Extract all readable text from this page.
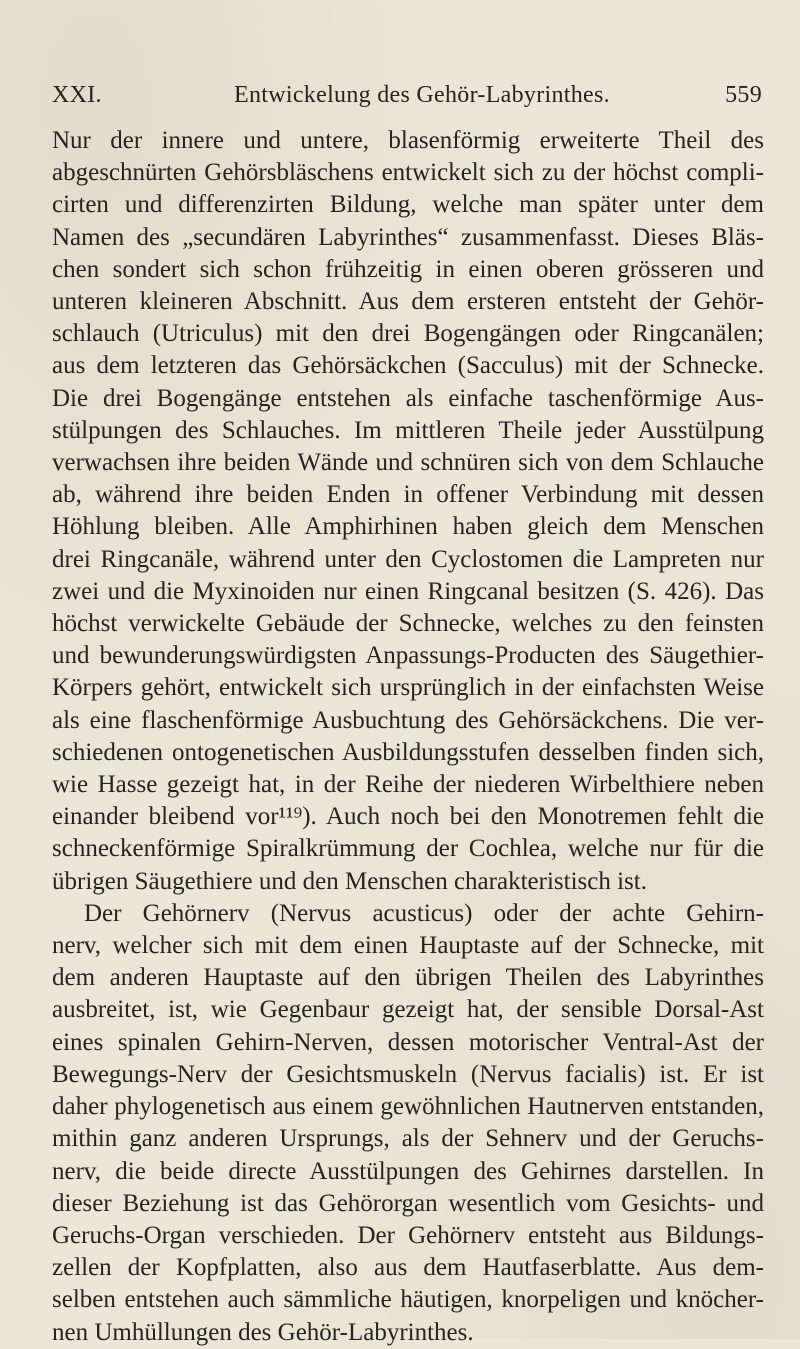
XXI.	Entwickelung des Gehör-Labyrinthes.	559

Nur der innere und untere, blasenförmig erweiterte Theil des
abgeschnürten Gehörsbläschens entwickelt sich zu der höchst compli-
cirten und differenzirten Bildung, welche man später unter dem
Namen des „secundären Labyrinthes“ zusammenfasst. Dieses Bläs-
chen sondert sich schon frühzeitig in einen oberen grösseren und
unteren kleineren Abschnitt. Aus dem ersteren entsteht der Gehör-
schlauch (Utriculus) mit den drei Bogengängen oder Ringcanälen;
aus dem letzteren das Gehörsäckchen (Sacculus) mit der Schnecke.
Die drei Bogengänge entstehen als einfache taschenförmige Aus-
stülpungen des Schlauches. Im mittleren Theile jeder Ausstülpung
verwachsen ihre beiden Wände und schnüren sich von dem Schlauche
ab, während ihre beiden Enden in offener Verbindung mit dessen
Höhlung bleiben. Alle Amphirhinen haben gleich dem Menschen
drei Ringcanäle, während unter den Cyclostomen die Lampreten nur
zwei und die Myxinoiden nur einen Ringcanal besitzen (S. 426). Das
höchst verwickelte Gebäude der Schnecke, welches zu den feinsten
und bewunderungswürdigsten Anpassungs-Producten des Säugethier-
Körpers gehört, entwickelt sich ursprünglich in der einfachsten Weise
als eine flaschenförmige Ausbuchtung des Gehörsäckchens. Die ver-
schiedenen ontogenetischen Ausbildungsstufen desselben finden sich,
wie Hasse gezeigt hat, in der Reihe der niederen Wirbelthiere neben
einander bleibend vor¹¹⁹). Auch noch bei den Monotremen fehlt die
schneckenförmige Spiralkrümmung der Cochlea, welche nur für die
übrigen Säugethiere und den Menschen charakteristisch ist.

Der Gehörnerv (Nervus acusticus) oder der achte Gehirn-
nerv, welcher sich mit dem einen Hauptaste auf der Schnecke, mit
dem anderen Hauptaste auf den übrigen Theilen des Labyrinthes
ausbreitet, ist, wie Gegenbaur gezeigt hat, der sensible Dorsal-Ast
eines spinalen Gehirn-Nerven, dessen motorischer Ventral-Ast der
Bewegungs-Nerv der Gesichtsmuskeln (Nervus facialis) ist. Er ist
daher phylogenetisch aus einem gewöhnlichen Hautnerven entstanden,
mithin ganz anderen Ursprungs, als der Sehnerv und der Geruchs-
nerv, die beide directe Ausstülpungen des Gehirnes darstellen. In
dieser Beziehung ist das Gehörorgan wesentlich vom Gesichts- und
Geruchs-Organ verschieden. Der Gehörnerv entsteht aus Bildungs-
zellen der Kopfplatten, also aus dem Hautfaserblatte. Aus dem-
selben entstehen auch sämmliche häutigen, knorpeligen und knöcher-
nen Umhüllungen des Gehör-Labyrinthes.
